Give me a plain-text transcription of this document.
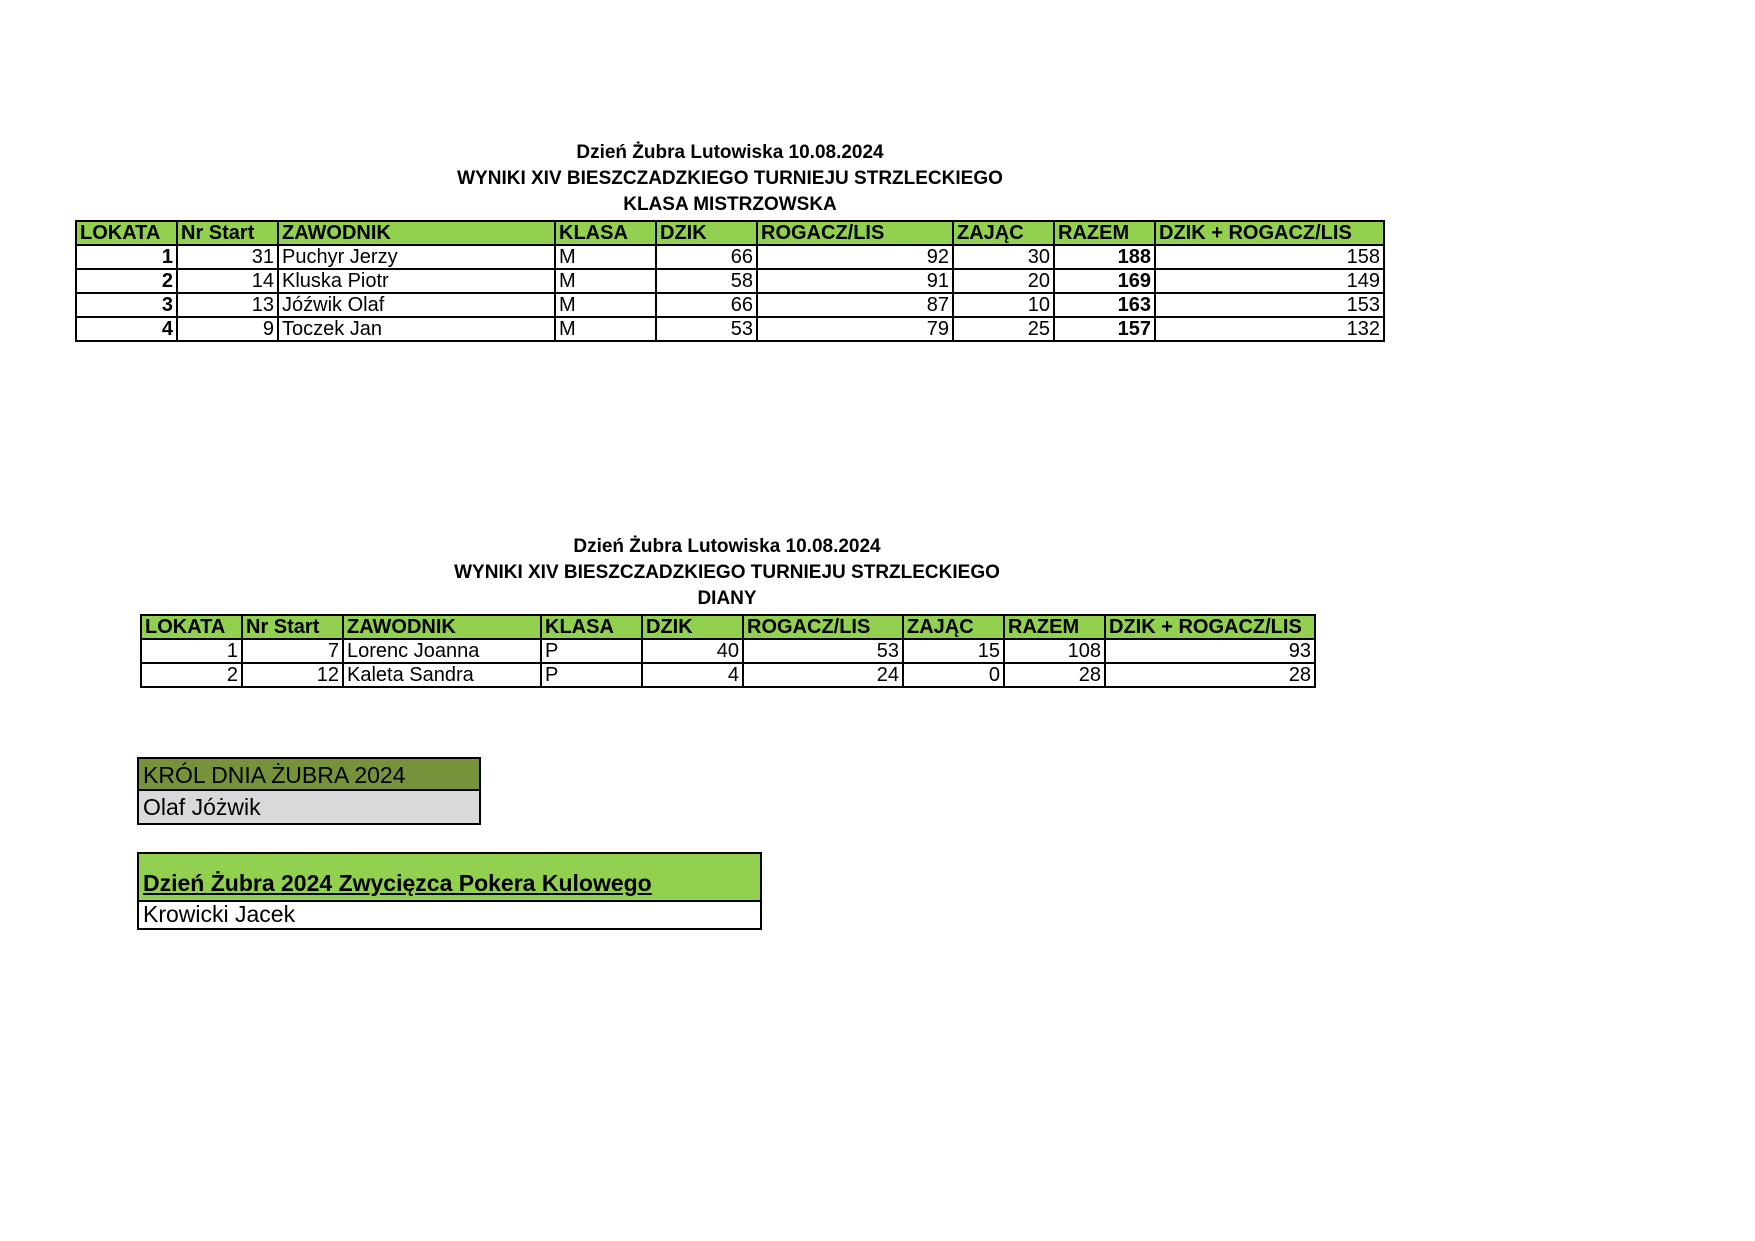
Dzień Żubra Lutowiska 10.08.2024
WYNIKI XIV BIESZCZADZKIEGO TURNIEJU STRZLECKIEGO
KLASA MISTRZOWSKA
LOKATA	Nr Start	ZAWODNIK	KLASA	DZIK	ROGACZ/LIS	ZAJĄC	RAZEM	DZIK + ROGACZ/LIS
1	31	Puchyr Jerzy	M	66	92	30	188	158
2	14	Kluska Piotr	M	58	91	20	169	149
3	13	Jóźwik Olaf	M	66	87	10	163	153
4	9	Toczek Jan	M	53	79	25	157	132
Dzień Żubra Lutowiska 10.08.2024
WYNIKI XIV BIESZCZADZKIEGO TURNIEJU STRZLECKIEGO
DIANY
LOKATA	Nr Start	ZAWODNIK	KLASA	DZIK	ROGACZ/LIS	ZAJĄC	RAZEM	DZIK + ROGACZ/LIS
1	7	Lorenc Joanna	P	40	53	15	108	93
2	12	Kaleta Sandra	P	4	24	0	28	28
KRÓL DNIA ŻUBRA 2024
Olaf Jóżwik
Dzień Żubra 2024 Zwycięzca Pokera Kulowego
Krowicki Jacek
